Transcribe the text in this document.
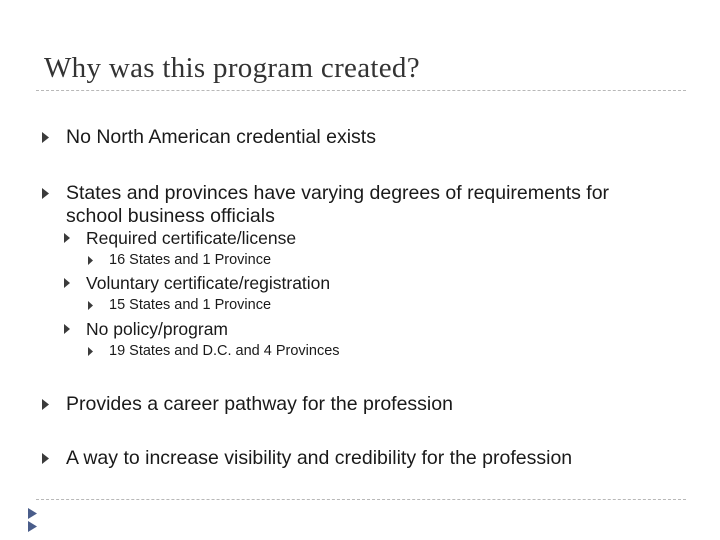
Why was this program created?
No North American credential exists
States and provinces have varying degrees of requirements for
school business officials
Required certificate/license
16 States and 1 Province
Voluntary certificate/registration
15 States and 1 Province
No policy/program
19 States and D.C. and 4 Provinces
Provides a career pathway for the profession
A way to increase visibility and credibility for the profession
